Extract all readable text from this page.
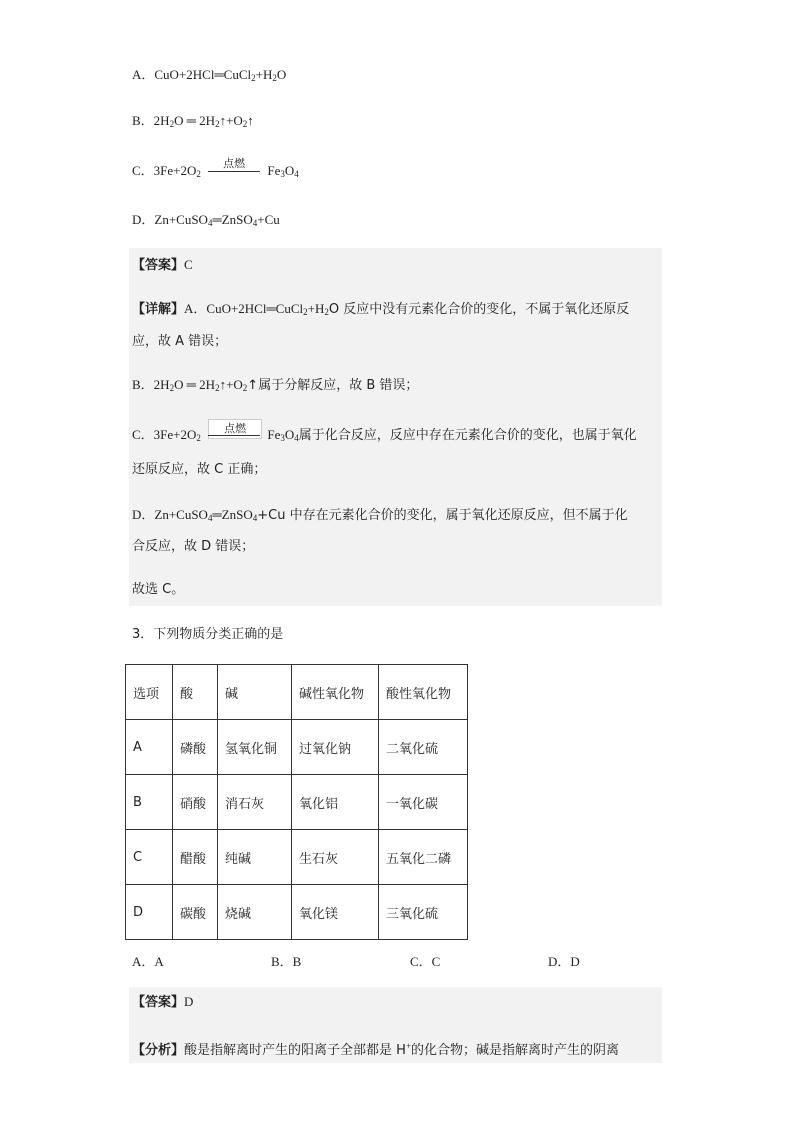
A．$CuO+2HCl═CuCl_2+H_2O$
B．$2H_2O$ ═ $2H_2↑+O_2↑$
C．$3Fe+2O_2$
点燃	$Fe_3O_4$
D．Zn+CuSO$_4$═ZnSO$_4$+Cu
【答案】C
【详解】A．$CuO+2HCl═CuCl_2+H_2O$ 反应中没有元素化合价的变化，不属于氧化还原反
应，故 A 错误；
B．$2H_2O$ ═ $2H_2↑+O_2↑$属于分解反应，故 B 错误；
C．$3Fe+2O_2$
点燃	$Fe_3O_4$属于化合反应，反应中存在元素化合价的变化，也属于氧化
还原反应，故 C 正确；
D．Zn+CuSO$_4$═ZnSO$_4$+Cu 中存在元素化合价的变化，属于氧化还原反应，但不属于化
合反应，故 D 错误；
故选 C。
3．下列物质分类正确的是
选项	酸	碱	碱性氧化物	酸性氧化物
A	磷酸	氢氧化铜	过氧化钠	二氧化硫
B	硝酸	消石灰	氧化铝	一氧化碳
C	醋酸	纯碱	生石灰	五氧化二磷
D	碳酸	烧碱	氧化镁	三氧化硫
A．A	B．B	C．C	D．D
【答案】D
【分析】酸是指解离时产生的阳离子全部都是 H+的化合物；碱是指解离时产生的阴离
